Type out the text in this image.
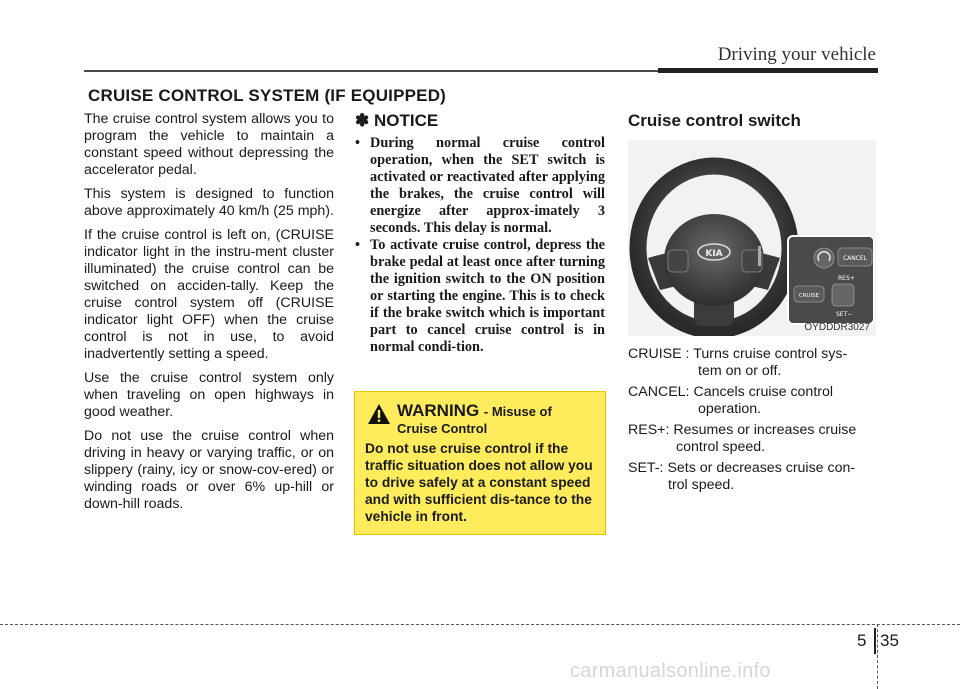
Driving your vehicle
CRUISE CONTROL SYSTEM (IF EQUIPPED)

The cruise control system allows you to program the vehicle to maintain a constant speed without depressing the accelerator pedal.

This system is designed to function above approximately 40 km/h (25 mph).

If the cruise control is left on, (CRUISE indicator light in the instru-ment cluster illuminated) the cruise control can be switched on acciden-tally. Keep the cruise control system off (CRUISE indicator light OFF) when the cruise control is not in use, to avoid inadvertently setting a speed.

Use the cruise control system only when traveling on open highways in good weather.

Do not use the cruise control when driving in heavy or varying traffic, or on slippery (rainy, icy or snow-cov-ered) or winding roads or over 6% up-hill or down-hill roads.

✽ NOTICE
• During normal cruise control operation, when the SET switch is activated or reactivated after applying the brakes, the cruise control will energize after approx-imately 3 seconds. This delay is normal.
• To activate cruise control, depress the brake pedal at least once after turning the ignition switch to the ON position or starting the engine. This is to check if the brake switch which is important part to cancel cruise control is in normal condi-tion.
WARNING - Misuse of
Cruise Control
Do not use cruise control if the traffic situation does not allow you to drive safely at a constant speed and with sufficient dis-tance to the vehicle in front.
Cruise control switch
KIA	CANCEL
RES+
CRUISE
SET−
OYDDDR3027
CRUISE : Turns cruise control sys-
tem on or off.
CANCEL: Cancels cruise control
operation.
RES+: Resumes or increases cruise
control speed.
SET-: Sets or decreases cruise con-
trol speed.
5 35
carmanualsonline.info
